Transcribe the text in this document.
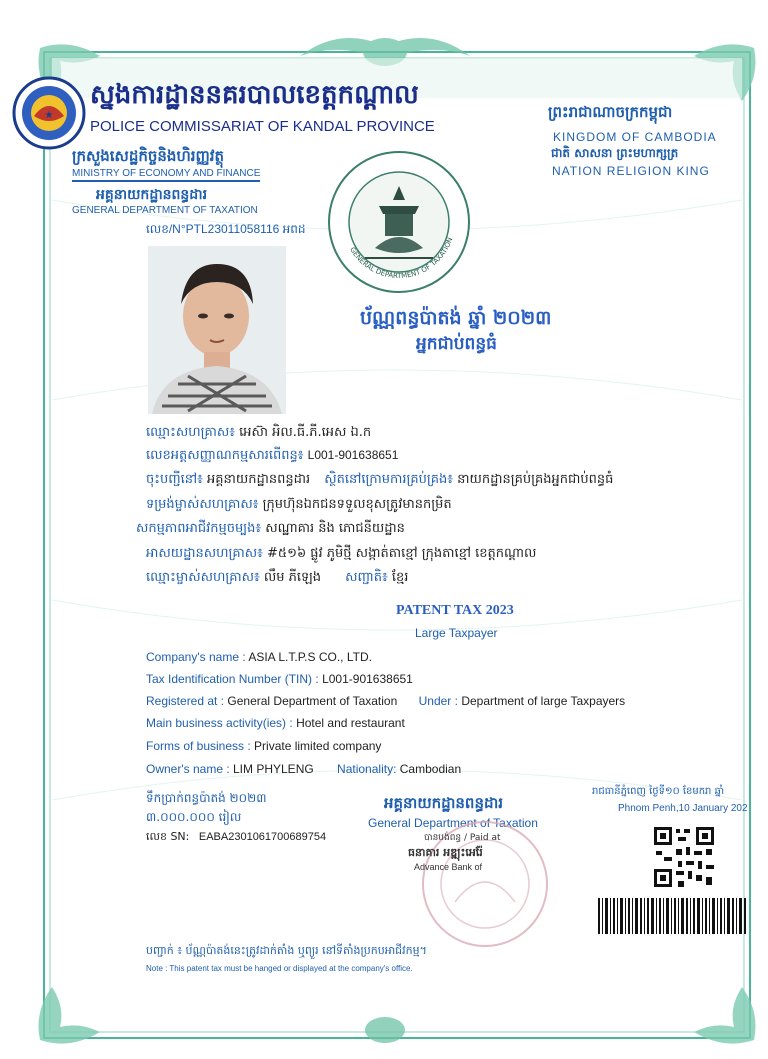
★
ស្នងការដ្ឋាននគរបាលខេត្តកណ្ដាល
POLICE COMMISSARIAT OF KANDAL PROVINCE
ក្រសួងសេដ្ឋកិច្ចនិងហិរញ្ញវត្ថុ
MINISTRY OF ECONOMY AND FINANCE
អគ្គនាយកដ្ឋានពន្ធដារ
GENERAL DEPARTMENT OF TAXATION
លេខ/N°PTL23011058116 អពដ
ព្រះរាជាណាចក្រកម្ពុជា
KINGDOM OF CAMBODIA
ជាតិ សាសនា ព្រះមហាក្សត្រ
NATION RELIGION KING
GENERAL DEPARTMENT OF TAXATION
ប័ណ្ណពន្ធប៉ាតង់ ឆ្នាំ ២០២៣
អ្នកជាប់ពន្ធធំ
ឈ្មោះសហគ្រាស៖ អេស៊ា អិល.ធី.ភី.អេស ឯ.ក
លេខអត្តសញ្ញាណកម្មសារពើពន្ធ៖ L001-901638651
ចុះបញ្ជីនៅ៖ អគ្គនាយកដ្ឋានពន្ធដារ ស្ថិតនៅក្រោមការគ្រប់គ្រង៖ នាយកដ្ឋានគ្រប់គ្រងអ្នកជាប់ពន្ធធំ
ទម្រង់ម្ចាស់សហគ្រាស៖ ក្រុមហ៊ុនឯកជនទទួលខុសត្រូវមានកម្រិត
សកម្មភាពអាជីវកម្មចម្បង៖ សណ្ឋាគារ និង ភោជនីយដ្ឋាន
អាសយដ្ឋានសហគ្រាស៖ #៥១៦ ផ្លូវ ភូមិថ្មី សង្កាត់តាខ្មៅ ក្រុងតាខ្មៅ ខេត្តកណ្ដាល
ឈ្មោះម្ចាស់សហគ្រាស៖ លឹម ភីឡេង សញ្ជាតិ៖ ខ្មែរ
PATENT TAX 2023
Large Taxpayer
Company's name : ASIA L.T.P.S CO., LTD.
Tax Identification Number (TIN) : L001-901638651
Registered at : General Department of Taxation Under : Department of large Taxpayers
Main business activity(ies) : Hotel and restaurant
Forms of business : Private limited company
Owner's name : LIM PHYLENG Nationality: Cambodian
ទឹកប្រាក់ពន្ធប៉ាតង់ ២០២៣
៣.០០០.០០០ រៀល
លេខ SN: EABA2301061700689754
អគ្គនាយកដ្ឋានពន្ធដារ
General Department of Taxation
បានបង់ពន្ធ / Paid at
ធនាគារ អឌ្ឍុះអេរ៉ែ
Advance Bank of
រាជធានីភ្នំពេញ ថ្ងៃទី១០ ខែមករា ឆ្នាំ
Phnom Penh,10 January 202
បញ្ជាក់ ៖ ប័ណ្ណប៉ាតង់នេះត្រូវដាក់តាំង ឬព្យួរ នៅទីតាំងប្រកបអាជីវកម្ម។
Note : This patent tax must be hanged or displayed at the company's office.
